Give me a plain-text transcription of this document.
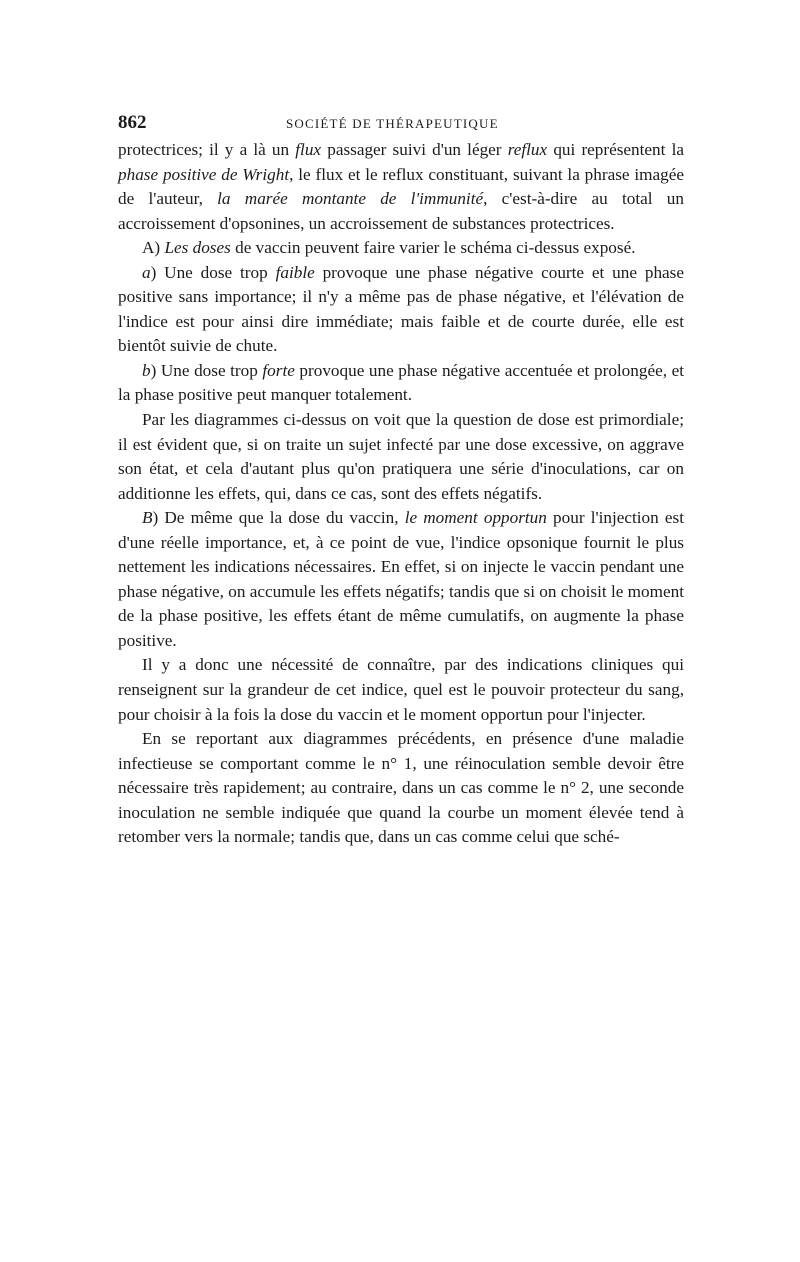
862	SOCIÉTÉ DE THÉRAPEUTIQUE

protectrices; il y a là un flux passager suivi d'un léger reflux qui représentent la phase positive de Wright, le flux et le reflux constituant, suivant la phrase imagée de l'auteur, la marée montante de l'immunité, c'est-à-dire au total un accroissement d'opsonines, un accroissement de substances protectrices.

A) Les doses de vaccin peuvent faire varier le schéma ci-dessus exposé.

a) Une dose trop faible provoque une phase négative courte et une phase positive sans importance; il n'y a même pas de phase négative, et l'élévation de l'indice est pour ainsi dire immédiate; mais faible et de courte durée, elle est bientôt suivie de chute.

b) Une dose trop forte provoque une phase négative accentuée et prolongée, et la phase positive peut manquer totalement.

Par les diagrammes ci-dessus on voit que la question de dose est primordiale; il est évident que, si on traite un sujet infecté par une dose excessive, on aggrave son état, et cela d'autant plus qu'on pratiquera une série d'inoculations, car on additionne les effets, qui, dans ce cas, sont des effets négatifs.

B) De même que la dose du vaccin, le moment opportun pour l'injection est d'une réelle importance, et, à ce point de vue, l'indice opsonique fournit le plus nettement les indications nécessaires. En effet, si on injecte le vaccin pendant une phase négative, on accumule les effets négatifs; tandis que si on choisit le moment de la phase positive, les effets étant de même cumulatifs, on augmente la phase positive.

Il y a donc une nécessité de connaître, par des indications cliniques qui renseignent sur la grandeur de cet indice, quel est le pouvoir protecteur du sang, pour choisir à la fois la dose du vaccin et le moment opportun pour l'injecter.

En se reportant aux diagrammes précédents, en présence d'une maladie infectieuse se comportant comme le n° 1, une réinoculation semble devoir être nécessaire très rapidement; au contraire, dans un cas comme le n° 2, une seconde inoculation ne semble indiquée que quand la courbe un moment élevée tend à retomber vers la normale; tandis que, dans un cas comme celui que sché-
